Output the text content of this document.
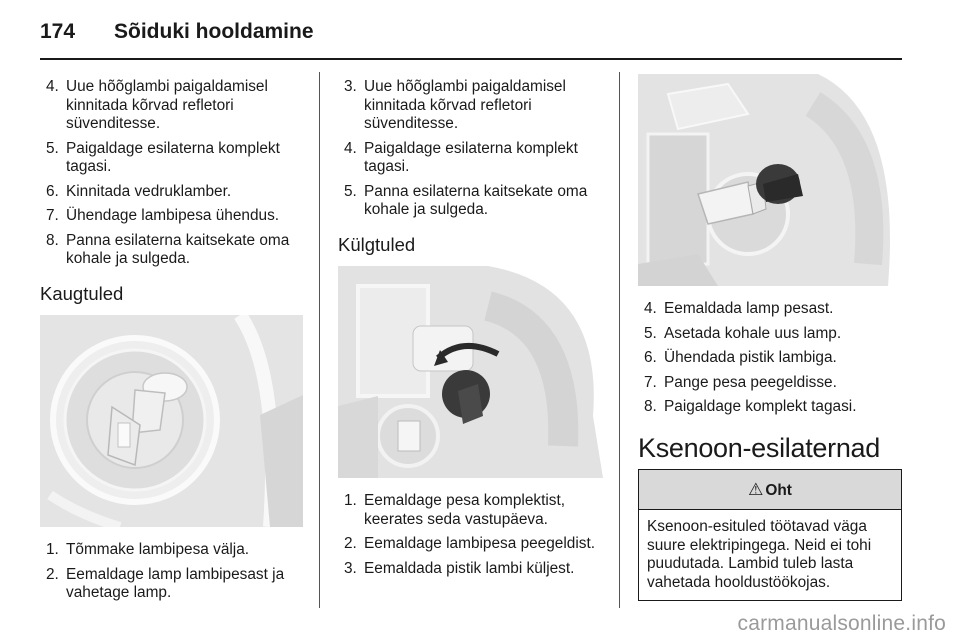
174 Sõiduki hooldamine
4. Uue hõõglambi paigaldamisel kinnitada kõrvad refletori süvenditesse.
5. Paigaldage esilaterna komplekt tagasi.
6. Kinnitada vedruklamber.
7. Ühendage lambipesa ühendus.
8. Panna esilaterna kaitsekate oma kohale ja sulgeda.
Kaugtuled
1. Tõmmake lambipesa välja.
2. Eemaldage lamp lambipesast ja vahetage lamp.
3. Uue hõõglambi paigaldamisel kinnitada kõrvad refletori süvenditesse.
4. Paigaldage esilaterna komplekt tagasi.
5. Panna esilaterna kaitsekate oma kohale ja sulgeda.
Külgtuled
1. Eemaldage pesa komplektist, keerates seda vastupäeva.
2. Eemaldage lambipesa peegeldist.
3. Eemaldada pistik lambi küljest.
4. Eemaldada lamp pesast.
5. Asetada kohale uus lamp.
6. Ühendada pistik lambiga.
7. Pange pesa peegeldisse.
8. Paigaldage komplekt tagasi.
Ksenoon-esilaternad
⚠ Oht
Ksenoon-esituled töötavad väga suure elektripingega. Neid ei tohi puudutada. Lambid tuleb lasta vahetada hooldustöökojas.
carmanualsonline.info
